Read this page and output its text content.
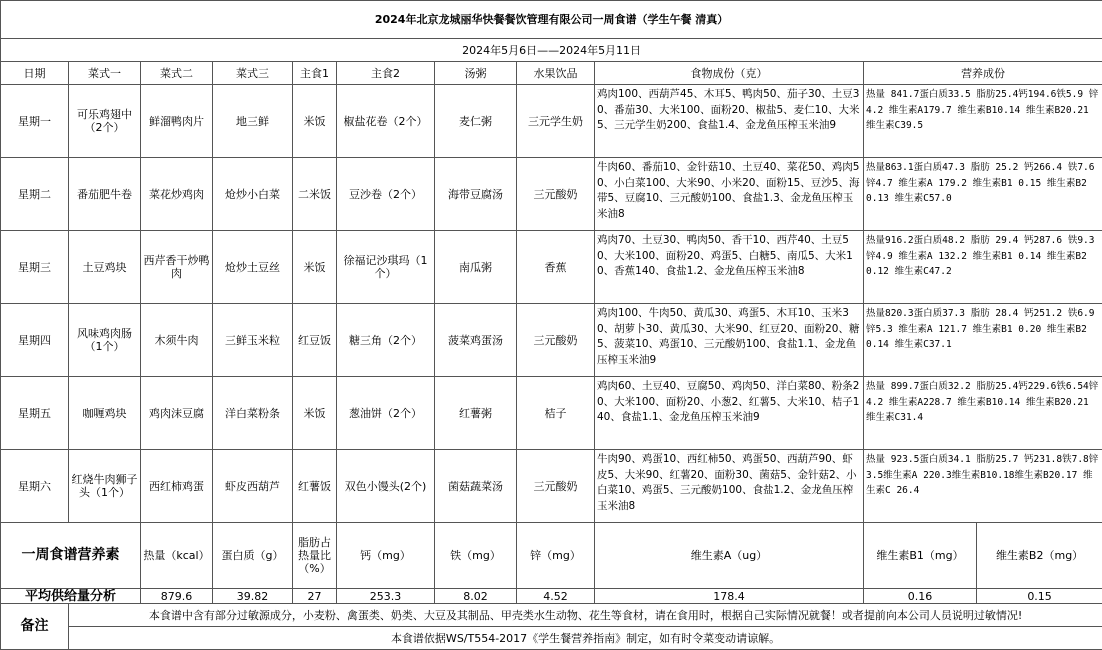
2024年北京龙城丽华快餐餐饮管理有限公司一周食谱（学生午餐 清真）											
2024年5月6日——2024年5月11日											
日期	菜式一	菜式二	菜式三	主食1	主食2	汤粥	水果饮品	食物成份（克）	营养成份		
星期一	可乐鸡翅中（2个）	鲜溜鸭肉片	地三鲜	米饭	椒盐花卷（2个）	麦仁粥	三元学生奶	鸡肉100、西葫芦45、木耳5、鸭肉50、茄子30、土豆30、番茄30、大米100、面粉20、椒盐5、麦仁10、大米5、三元学生奶200、食盐1.4、金龙鱼压榨玉米油9	热量 841.7蛋白质33.5 脂肪25.4钙194.6铁5.9 锌4.2 维生素A179.7 维生素B10.14 维生素B20.21 维生素C39.5		
星期二	番茄肥牛卷	菜花炒鸡肉	炝炒小白菜	二米饭	豆沙卷（2个）	海带豆腐汤	三元酸奶	牛肉60、番茄10、金针菇10、土豆40、菜花50、鸡肉50、小白菜100、大米90、小米20、面粉15、豆沙5、海带5、豆腐10、三元酸奶100、食盐1.3、金龙鱼压榨玉米油8	热量863.1蛋白质47.3 脂肪 25.2 钙266.4 铁7.6 锌4.7 维生素A 179.2 维生素B1 0.15 维生素B2 0.13 维生素C57.0		
星期三	土豆鸡块	西芹香干炒鸭肉	炝炒土豆丝	米饭	徐福记沙琪玛（1个）	南瓜粥	香蕉	鸡肉70、土豆30、鸭肉50、香干10、西芹40、土豆50、大米100、面粉20、鸡蛋5、白糖5、南瓜5、大米10、香蕉140、食盐1.2、金龙鱼压榨玉米油8	热量916.2蛋白质48.2 脂肪 29.4 钙287.6 铁9.3 锌4.9 维生素A 132.2 维生素B1 0.14 维生素B2 0.12 维生素C47.2		
星期四	风味鸡肉肠（1个）	木须牛肉	三鲜玉米粒	红豆饭	糖三角（2个）	菠菜鸡蛋汤	三元酸奶	鸡肉100、牛肉50、黄瓜30、鸡蛋5、木耳10、玉米30、胡萝卜30、黄瓜30、大米90、红豆20、面粉20、糖5、菠菜10、鸡蛋10、三元酸奶100、食盐1.1、金龙鱼压榨玉米油9	热量820.3蛋白质37.3 脂肪 28.4 钙251.2 铁6.9 锌5.3 维生素A 121.7 维生素B1 0.20 维生素B2 0.14 维生素C37.1		
星期五	咖喱鸡块	鸡肉沫豆腐	洋白菜粉条	米饭	葱油饼（2个）	红薯粥	桔子	鸡肉60、土豆40、豆腐50、鸡肉50、洋白菜80、粉条20、大米100、面粉20、小葱2、红薯5、大米10、桔子140、食盐1.1、金龙鱼压榨玉米油9	热量 899.7蛋白质32.2 脂肪25.4钙229.6铁6.54锌4.2 维生素A228.7 维生素B10.14 维生素B20.21 维生素C31.4		
星期六	红烧牛肉狮子头（1个）	西红柿鸡蛋	虾皮西葫芦	红薯饭	双色小馒头(2个)	菌菇蔬菜汤	三元酸奶	牛肉90、鸡蛋10、西红柿50、鸡蛋50、西葫芦90、虾皮5、大米90、红薯20、面粉30、菌菇5、金针菇2、小白菜10、鸡蛋5、三元酸奶100、食盐1.2、金龙鱼压榨玉米油8	热量 923.5蛋白质34.1 脂肪25.7 钙231.8铁7.8锌3.5维生素A 220.3维生素B10.18维生素B20.17 维生素C 26.4		
一周食谱营养素		热量（kcal）	蛋白质（g）	脂肪占热量比（%）	钙（mg）	铁（mg）	锌（mg）	维生素A（ug）	维生素B1（mg）	维生素B2（mg）	
平均供给量分析		879.6	39.82	27	253.3	8.02	4.52	178.4	0.16	0.15	
备注	本食谱中含有部分过敏源成分，小麦粉、禽蛋类、奶类、大豆及其制品、甲壳类水生动物、花生等食材，请在食用时，根据自己实际情况就餐！或者提前向本公司人员说明过敏情况!										
	本食谱依据WS/T554-2017《学生餐营养指南》制定，如有时令菜变动请谅解。										
